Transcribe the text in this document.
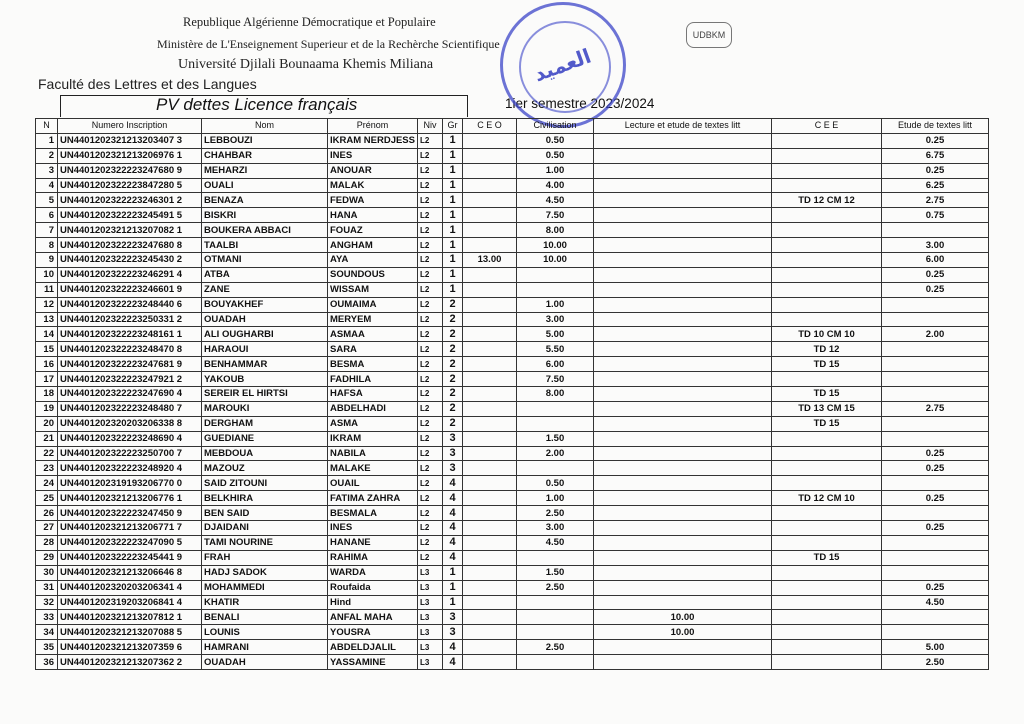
Republique Algérienne Démocratique et Populaire
Ministère de L'Enseignement Superieur et de la Rechèrche Scientifique
Université Djilali Bounaama Khemis Miliana
Faculté des Lettres et des Langues
UDBKM
PV dettes Licence français	1ier semestre 2023/2024
العميد
N	Numero Inscription	Nom	Prénom	Niv	Gr	C E O	Civilisation	Lecture et etude de textes litt	C E E	Etude de textes litt
1	UN4401202321213203407 3	LEBBOUZI	IKRAM NERDJESS	L2	1		0.50			0.25
2	UN4401202321213206976 1	CHAHBAR	INES	L2	1		0.50			6.75
3	UN4401202322223247680 9	MEHARZI	ANOUAR	L2	1		1.00			0.25
4	UN4401202322223847280 5	OUALI	MALAK	L2	1		4.00			6.25
5	UN4401202322223246301 2	BENAZA	FEDWA	L2	1		4.50		TD 12 CM 12	2.75
6	UN4401202322223245491 5	BISKRI	HANA	L2	1		7.50			0.75
7	UN4401202321213207082 1	BOUKERA ABBACI	FOUAZ	L2	1		8.00			
8	UN4401202322223247680 8	TAALBI	ANGHAM	L2	1		10.00			3.00
9	UN4401202322223245430 2	OTMANI	AYA	L2	1	13.00	10.00			6.00
10	UN4401202322223246291 4	ATBA	SOUNDOUS	L2	1					0.25
11	UN4401202322223246601 9	ZANE	WISSAM	L2	1					0.25
12	UN4401202322223248440 6	BOUYAKHEF	OUMAIMA	L2	2		1.00			
13	UN4401202322223250331 2	OUADAH	MERYEM	L2	2		3.00			
14	UN4401202322223248161 1	ALI OUGHARBI	ASMAA	L2	2		5.00		TD 10 CM 10	2.00
15	UN4401202322223248470 8	HARAOUI	SARA	L2	2		5.50		TD 12	
16	UN4401202322223247681 9	BENHAMMAR	BESMA	L2	2		6.00		TD 15	
17	UN4401202322223247921 2	YAKOUB	FADHILA	L2	2		7.50			
18	UN4401202322223247690 4	SEREIR EL HIRTSI	HAFSA	L2	2		8.00		TD 15	
19	UN4401202322223248480 7	MAROUKI	ABDELHADI	L2	2				TD 13 CM 15	2.75
20	UN4401202320203206338 8	DERGHAM	ASMA	L2	2				TD 15	
21	UN4401202322223248690 4	GUEDIANE	IKRAM	L2	3		1.50			
22	UN4401202322223250700 7	MEBDOUA	NABILA	L2	3		2.00			0.25
23	UN4401202322223248920 4	MAZOUZ	MALAKE	L2	3					0.25
24	UN4401202319193206770 0	SAID ZITOUNI	OUAIL	L2	4		0.50			
25	UN4401202321213206776 1	BELKHIRA	FATIMA ZAHRA	L2	4		1.00		TD 12 CM 10	0.25
26	UN4401202322223247450 9	BEN SAID	BESMALA	L2	4		2.50			
27	UN4401202321213206771 7	DJAIDANI	INES	L2	4		3.00			0.25
28	UN4401202322223247090 5	TAMI NOURINE	HANANE	L2	4		4.50			
29	UN4401202322223245441 9	FRAH	RAHIMA	L2	4				TD 15	
30	UN4401202321213206646 8	HADJ SADOK	WARDA	L3	1		1.50			
31	UN4401202320203206341 4	MOHAMMEDI	Roufaida	L3	1		2.50			0.25
32	UN4401202319203206841 4	KHATIR	Hind	L3	1					4.50
33	UN4401202321213207812 1	BENALI	ANFAL MAHA	L3	3			10.00		
34	UN4401202321213207088 5	LOUNIS	YOUSRA	L3	3			10.00		
35	UN4401202321213207359 6	HAMRANI	ABDELDJALIL	L3	4		2.50			5.00
36	UN4401202321213207362 2	OUADAH	YASSAMINE	L3	4					2.50
